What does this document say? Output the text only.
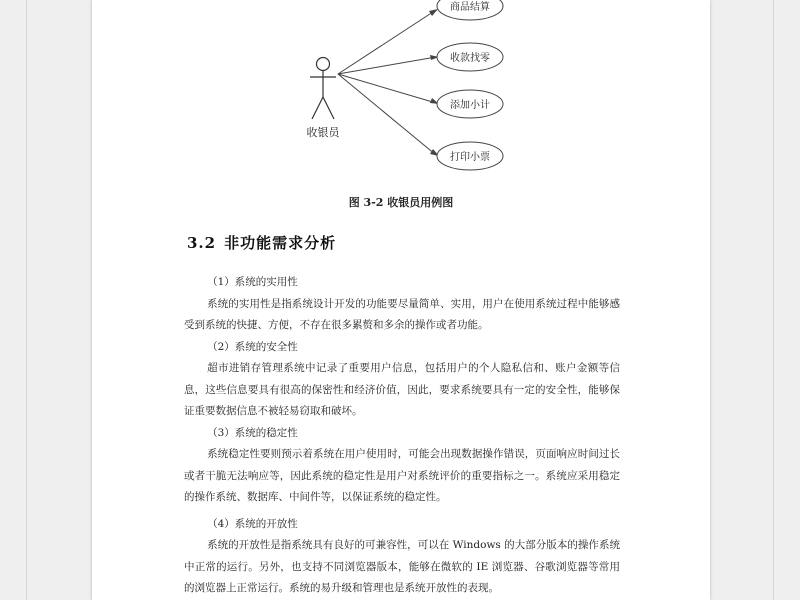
收银员
商品结算
收款找零
添加小计
打印小票
图 3-2 收银员用例图
3.2 非功能需求分析

（1）系统的实用性

系统的实用性是指系统设计开发的功能要尽量简单、实用，用户在使用系统过程中能够感受到系统的快捷、方便，不存在很多累赘和多余的操作或者功能。

（2）系统的安全性

超市进销存管理系统中记录了重要用户信息，包括用户的个人隐私信和、账户金额等信息，这些信息要具有很高的保密性和经济价值，因此，要求系统要具有一定的安全性，能够保证重要数据信息不被轻易窃取和破坏。

（3）系统的稳定性

系统稳定性要则预示着系统在用户使用时，可能会出现数据操作错误，页面响应时间过长或者干脆无法响应等，因此系统的稳定性是用户对系统评价的重要指标之一。系统应采用稳定的操作系统、数据库、中间件等，以保证系统的稳定性。

（4）系统的开放性

系统的开放性是指系统具有良好的可兼容性，可以在 Windows 的大部分版本的操作系统中正常的运行。另外，也支持不同浏览器版本，能够在微软的 IE 浏览器、谷歌浏览器等常用的浏览器上正常运行。系统的易升级和管理也是系统开放性的表现。
